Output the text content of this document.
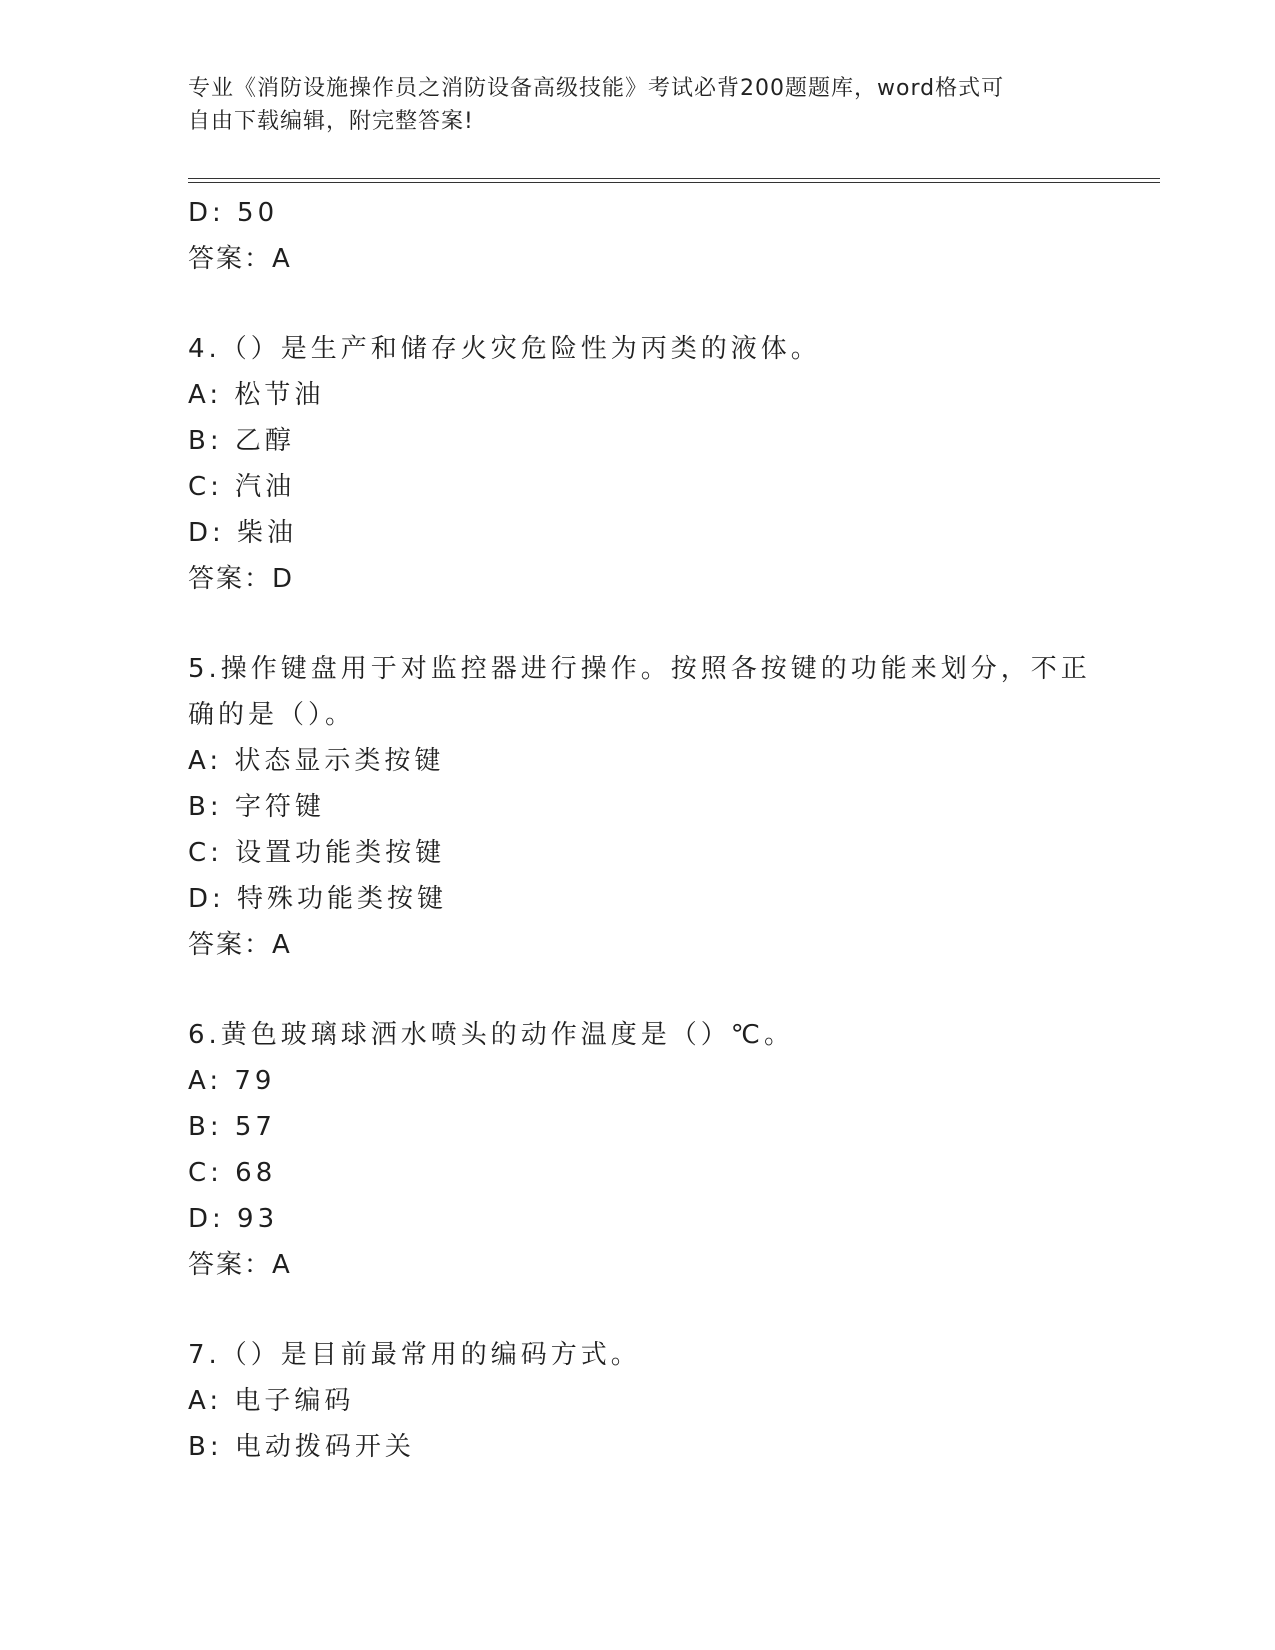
专业《消防设施操作员之消防设备高级技能》考试必背200题题库，word格式可
自由下载编辑，附完整答案!
D: 50
答案：A
4.（）是生产和储存火灾危险性为丙类的液体。
A: 松节油
B: 乙醇
C: 汽油
D: 柴油
答案：D
5.操作键盘用于对监控器进行操作。按照各按键的功能来划分，不正
确的是（）。
A: 状态显示类按键
B: 字符键
C: 设置功能类按键
D: 特殊功能类按键
答案：A
6.黄色玻璃球洒水喷头的动作温度是（）℃。
A: 79
B: 57
C: 68
D: 93
答案：A
7.（）是目前最常用的编码方式。
A: 电子编码
B: 电动拨码开关
